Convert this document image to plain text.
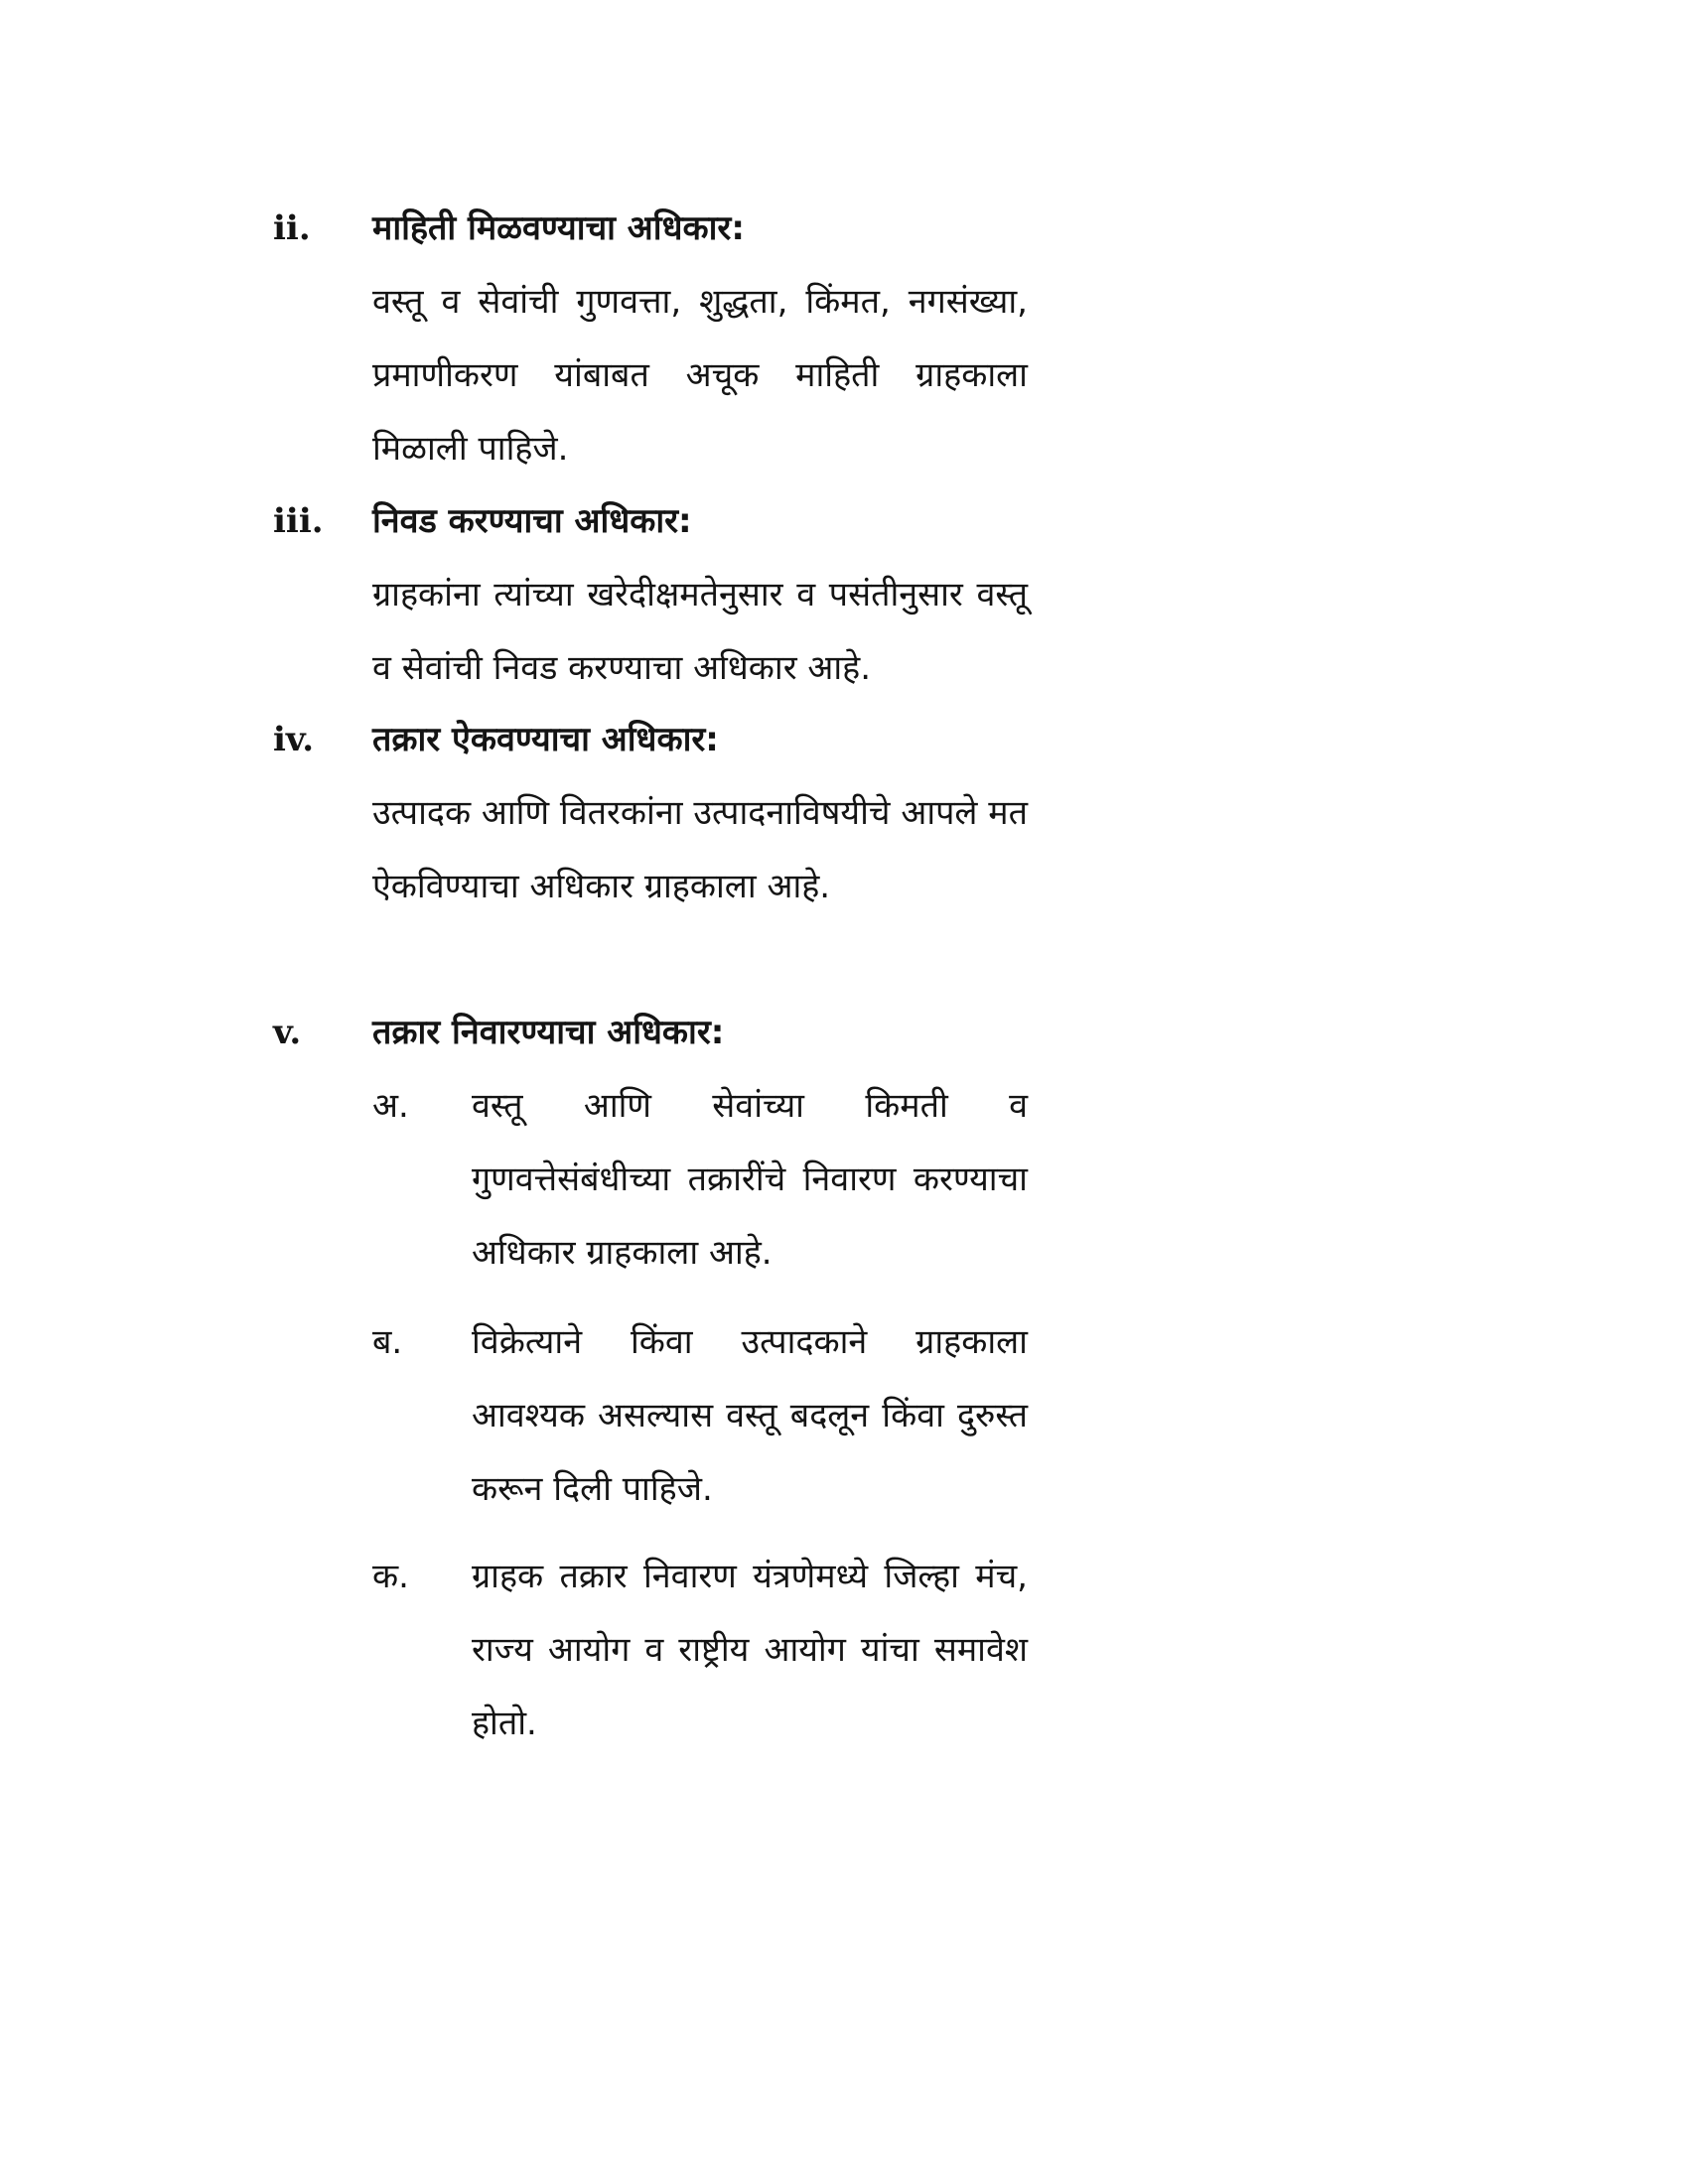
ii. माहिती मिळवण्याचा अधिकार:
वस्तू व सेवांची गुणवत्ता, शुद्धता, किंमत, नगसंख्या, प्रमाणीकरण यांबाबत अचूक माहिती ग्राहकाला मिळाली पाहिजे.
iii. निवड करण्याचा अधिकार:
ग्राहकांना त्यांच्या खरेदीक्षमतेनुसार व पसंतीनुसार वस्तू व सेवांची निवड करण्याचा अधिकार आहे.
iv. तक्रार ऐकवण्याचा अधिकार:
उत्पादक आणि वितरकांना उत्पादनाविषयीचे आपले मत ऐकविण्याचा अधिकार ग्राहकाला आहे.
v. तक्रार निवारण्याचा अधिकार:
अ.	वस्तू आणि सेवांच्या किमती व गुणवत्तेसंबंधीच्या तक्रारींचे निवारण करण्याचा अधिकार ग्राहकाला आहे.
ब.	विक्रेत्याने किंवा उत्पादकाने ग्राहकाला आवश्यक असल्यास वस्तू बदलून किंवा दुरुस्त करून दिली पाहिजे.
क.	ग्राहक तक्रार निवारण यंत्रणेमध्ये जिल्हा मंच, राज्य आयोग व राष्ट्रीय आयोग यांचा समावेश होतो.
